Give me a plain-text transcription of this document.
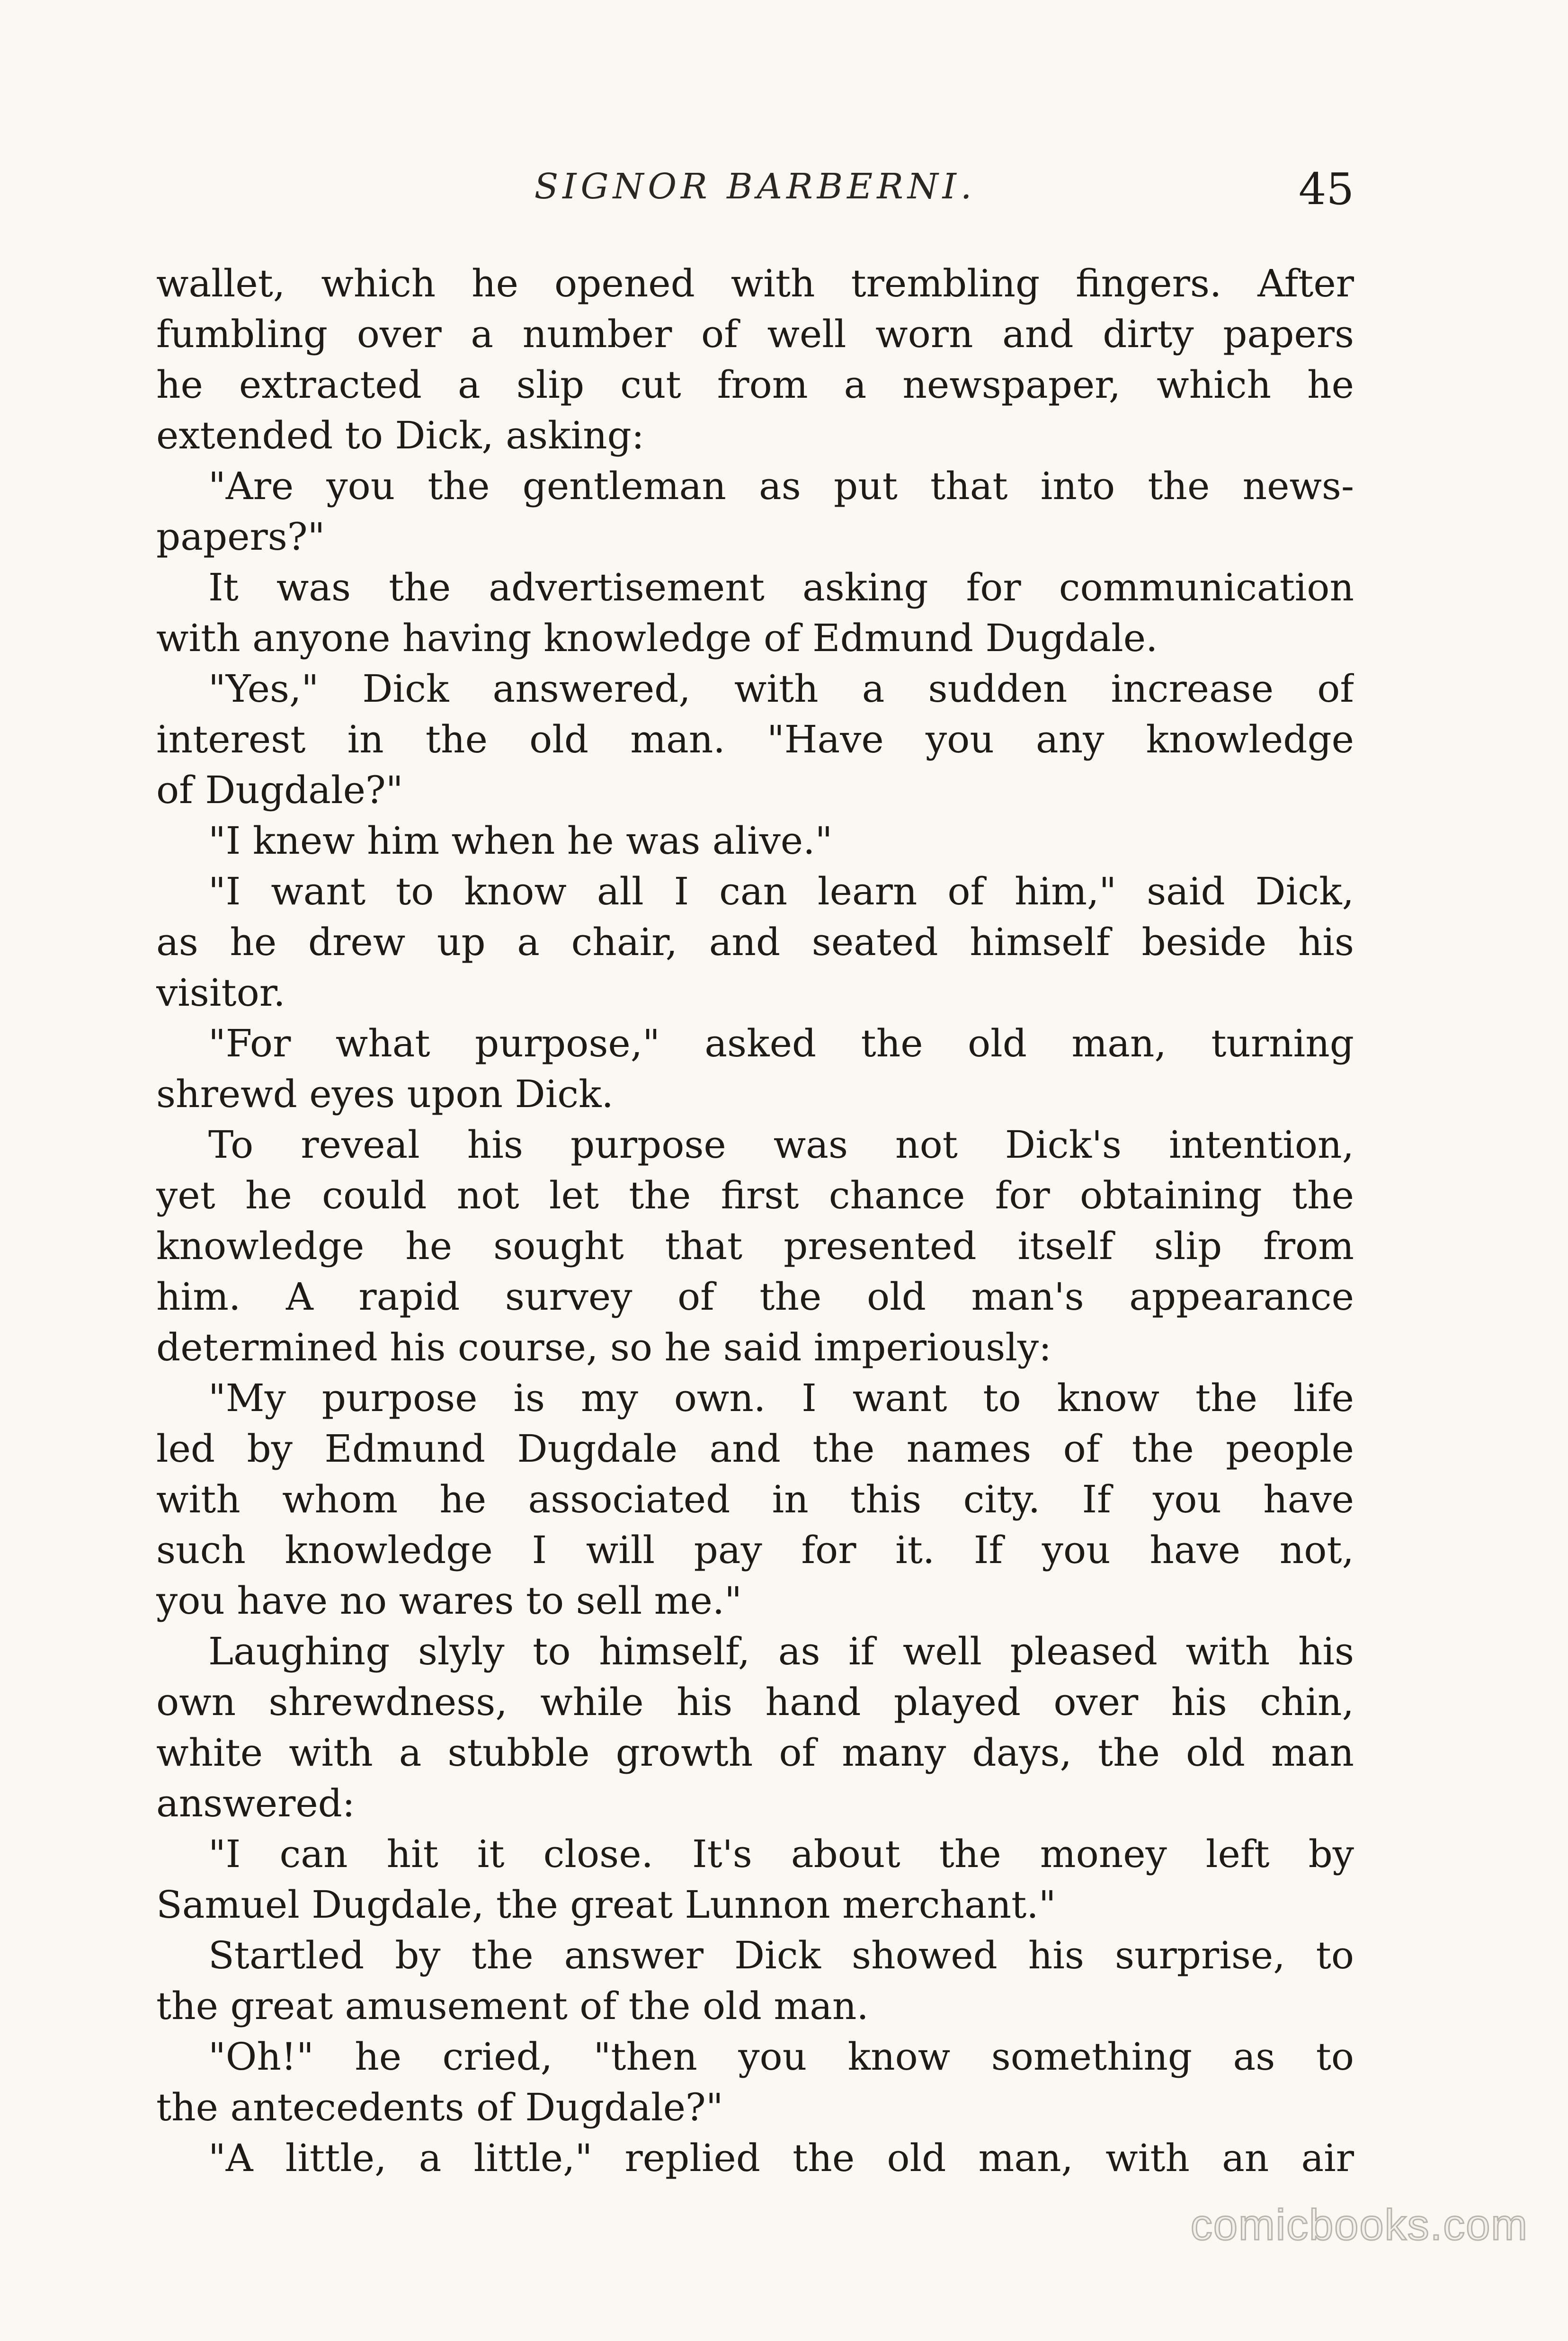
SIGNOR BARBERNI.	45
wallet, which he opened with trembling fingers. After
fumbling over a number of well worn and dirty papers
he extracted a slip cut from a newspaper, which he
extended to Dick, asking:
"Are you the gentleman as put that into the news-
papers?"
It was the advertisement asking for communication
with anyone having knowledge of Edmund Dugdale.
"Yes," Dick answered, with a sudden increase of
interest in the old man. "Have you any knowledge
of Dugdale?"
"I knew him when he was alive."
"I want to know all I can learn of him," said Dick,
as he drew up a chair, and seated himself beside his
visitor.
"For what purpose," asked the old man, turning
shrewd eyes upon Dick.
To reveal his purpose was not Dick's intention,
yet he could not let the first chance for obtaining the
knowledge he sought that presented itself slip from
him. A rapid survey of the old man's appearance
determined his course, so he said imperiously:
"My purpose is my own. I want to know the life
led by Edmund Dugdale and the names of the people
with whom he associated in this city. If you have
such knowledge I will pay for it. If you have not,
you have no wares to sell me."
Laughing slyly to himself, as if well pleased with his
own shrewdness, while his hand played over his chin,
white with a stubble growth of many days, the old man
answered:
"I can hit it close. It's about the money left by
Samuel Dugdale, the great Lunnon merchant."
Startled by the answer Dick showed his surprise, to
the great amusement of the old man.
"Oh!" he cried, "then you know something as to
the antecedents of Dugdale?"
"A little, a little," replied the old man, with an air
comicbooks.com
